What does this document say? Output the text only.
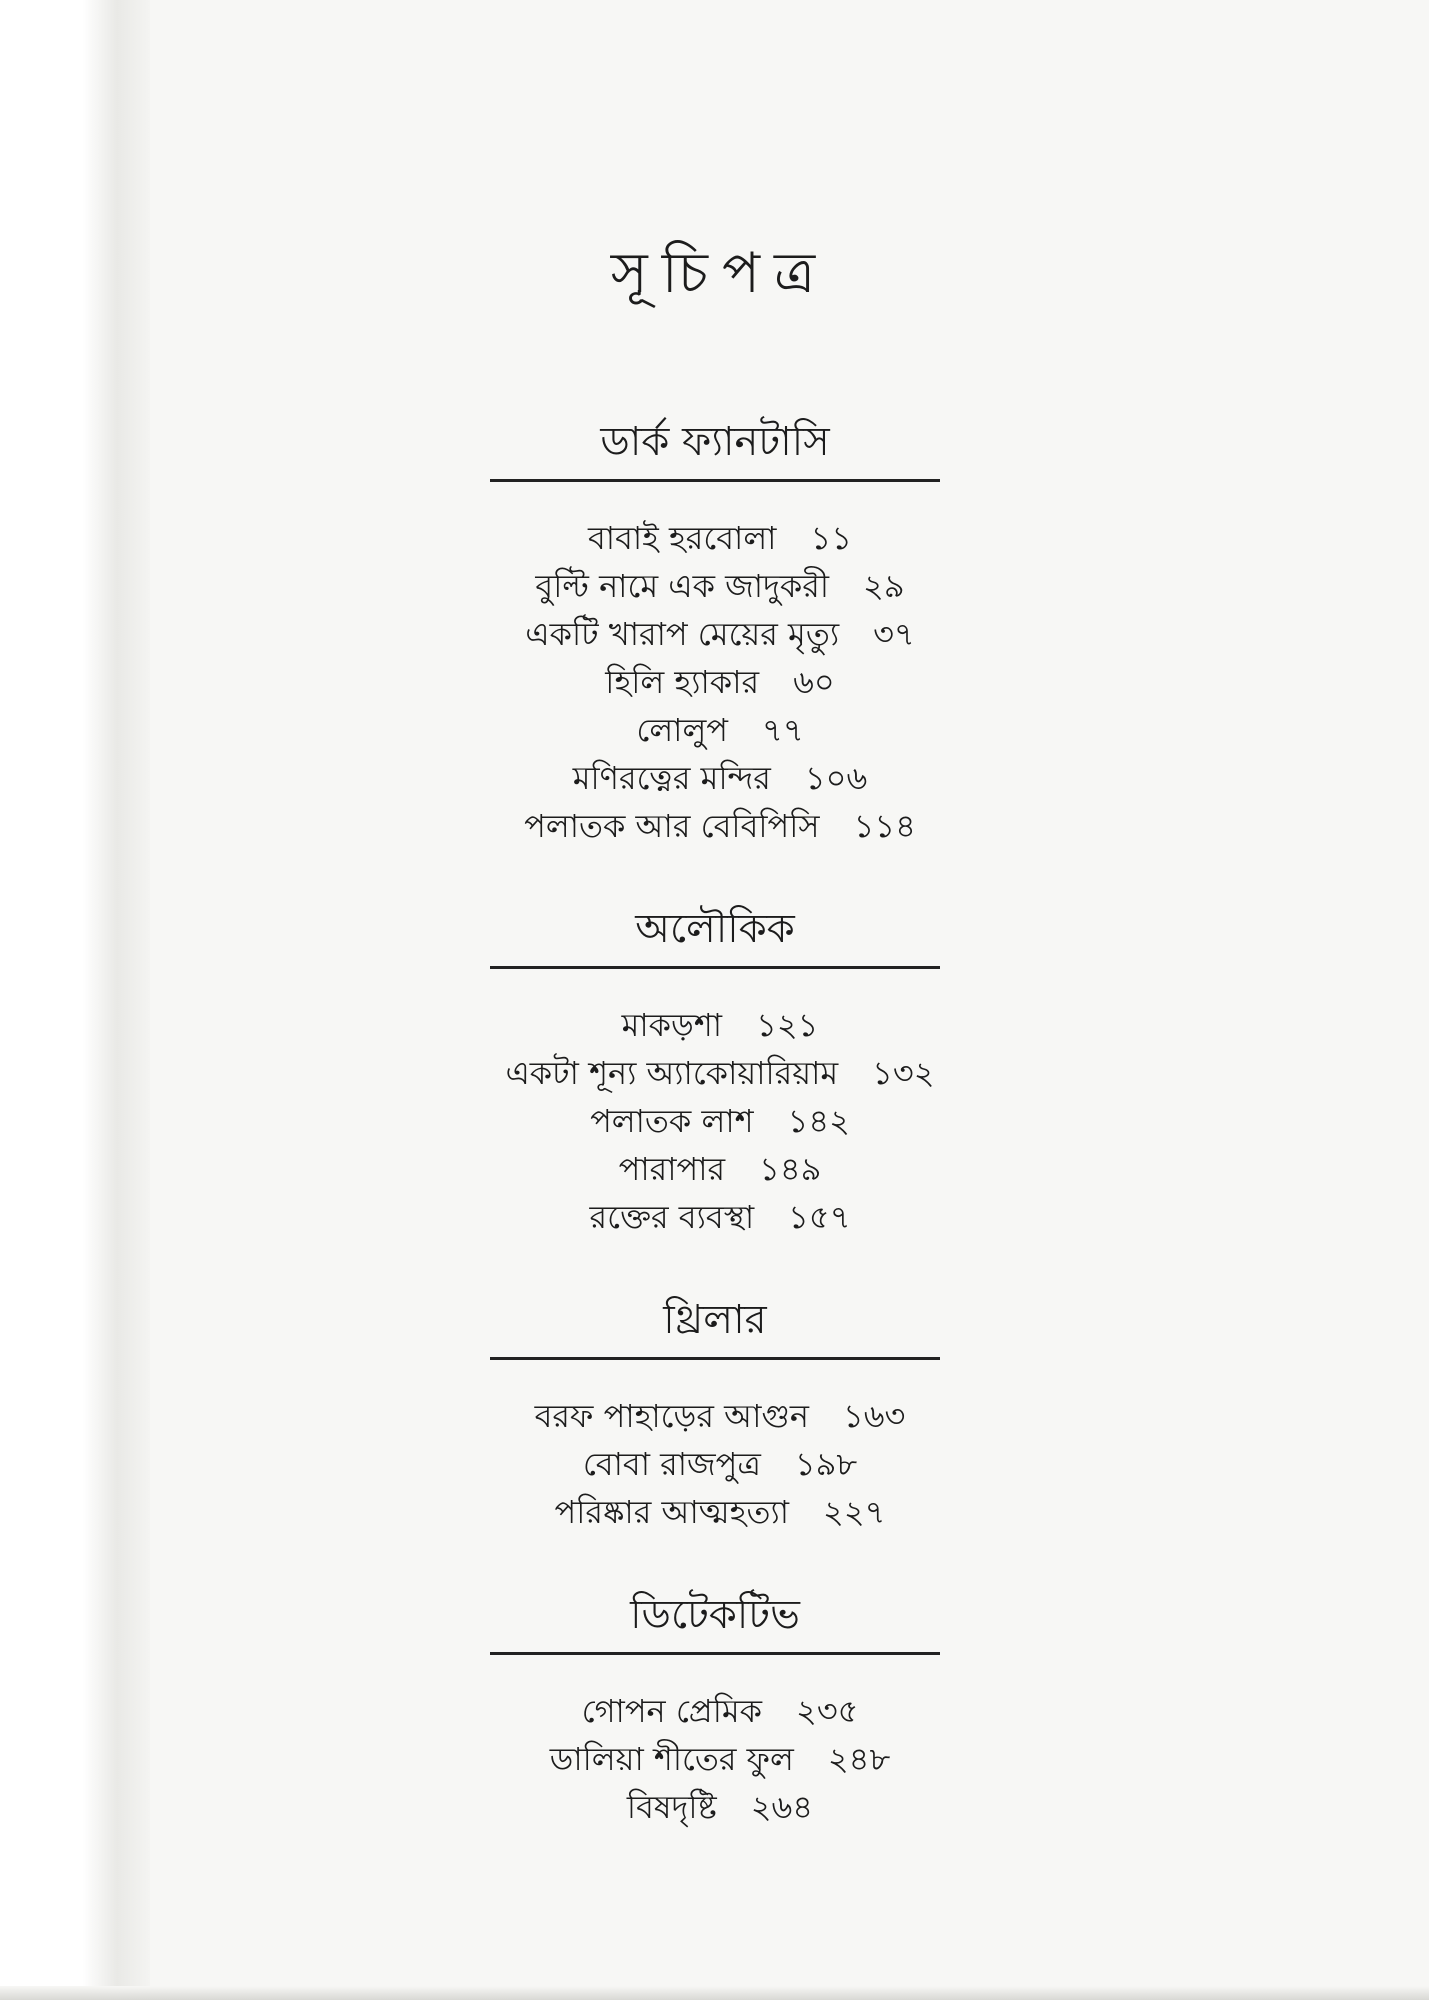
সূচিপত্র
ডার্ক ফ্যানটাসি
বাবাই হরবোলা ১১
বুল্টি নামে এক জাদুকরী ২৯
একটি খারাপ মেয়ের মৃত্যু ৩৭
হিলি হ্যাকার ৬০
লোলুপ ৭৭
মণিরত্নের মন্দির ১০৬
পলাতক আর বেবিপিসি ১১৪
অলৌকিক
মাকড়শা ১২১
একটা শূন্য অ্যাকোয়ারিয়াম ১৩২
পলাতক লাশ ১৪২
পারাপার ১৪৯
রক্তের ব্যবস্থা ১৫৭
থ্রিলার
বরফ পাহাড়ের আগুন ১৬৩
বোবা রাজপুত্র ১৯৮
পরিষ্কার আত্মহত্যা ২২৭
ডিটেকটিভ
গোপন প্রেমিক ২৩৫
ডালিয়া শীতের ফুল ২৪৮
বিষদৃষ্টি ২৬৪
